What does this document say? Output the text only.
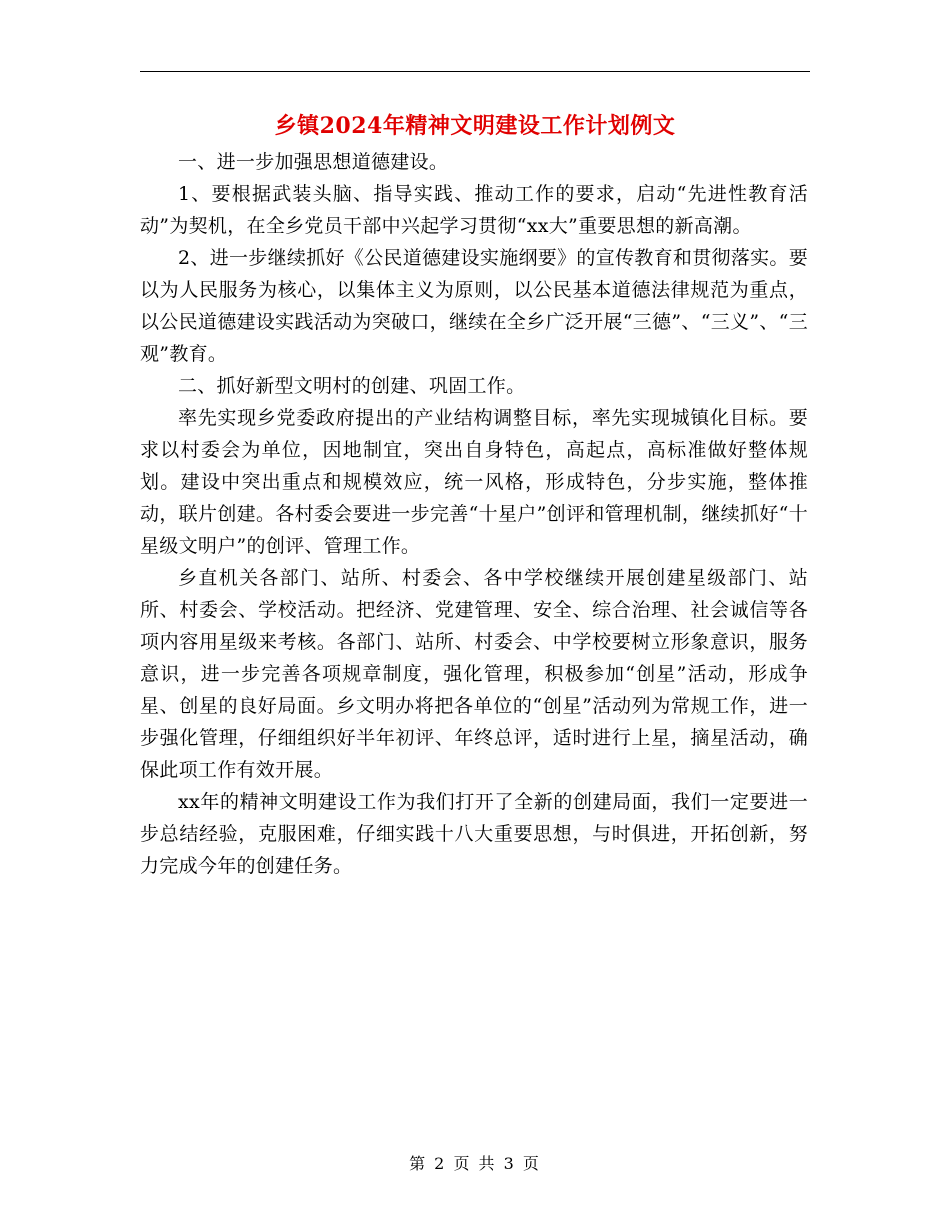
乡镇2024年精神文明建设工作计划例文

一、进一步加强思想道德建设。

1、要根据武装头脑、指导实践、推动工作的要求，启动“先进性教育活动”为契机，在全乡党员干部中兴起学习贯彻“xx大”重要思想的新高潮。

2、进一步继续抓好《公民道德建设实施纲要》的宣传教育和贯彻落实。要以为人民服务为核心，以集体主义为原则，以公民基本道德法律规范为重点，以公民道德建设实践活动为突破口，继续在全乡广泛开展“三德”、“三义”、“三观”教育。

二、抓好新型文明村的创建、巩固工作。

率先实现乡党委政府提出的产业结构调整目标，率先实现城镇化目标。要求以村委会为单位，因地制宜，突出自身特色，高起点，高标准做好整体规划。建设中突出重点和规模效应，统一风格，形成特色，分步实施，整体推动，联片创建。各村委会要进一步完善“十星户”创评和管理机制，继续抓好“十星级文明户”的创评、管理工作。

乡直机关各部门、站所、村委会、各中学校继续开展创建星级部门、站所、村委会、学校活动。把经济、党建管理、安全、综合治理、社会诚信等各项内容用星级来考核。各部门、站所、村委会、中学校要树立形象意识，服务意识，进一步完善各项规章制度，强化管理，积极参加“创星”活动，形成争星、创星的良好局面。乡文明办将把各单位的“创星”活动列为常规工作，进一步强化管理，仔细组织好半年初评、年终总评，适时进行上星，摘星活动，确保此项工作有效开展。

xx年的精神文明建设工作为我们打开了全新的创建局面，我们一定要进一步总结经验，克服困难，仔细实践十八大重要思想，与时俱进，开拓创新，努力完成今年的创建任务。

第 2 页 共 3 页
